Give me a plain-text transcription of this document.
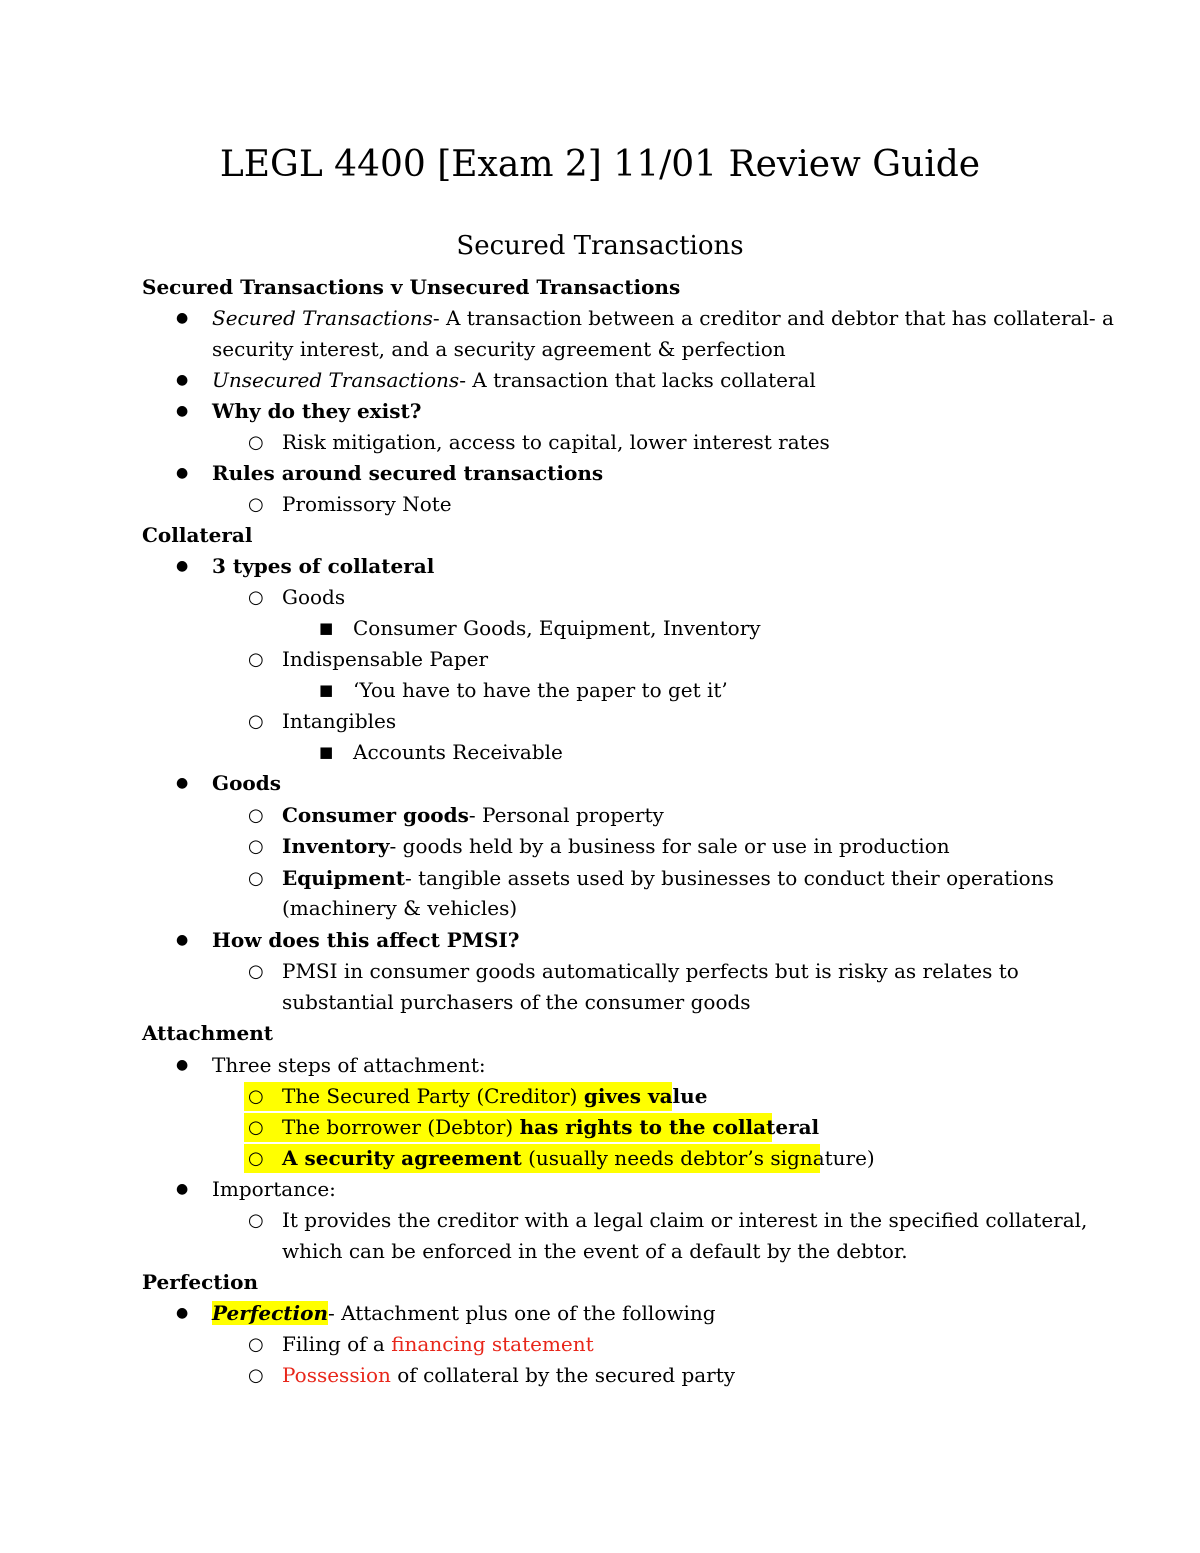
LEGL 4400 [Exam 2] 11/01 Review Guide
Secured Transactions
Secured Transactions v Unsecured Transactions
● Secured Transactions- A transaction between a creditor and debtor that has collateral- a
security interest, and a security agreement & perfection
● Unsecured Transactions- A transaction that lacks collateral
● Why do they exist?
○ Risk mitigation, access to capital, lower interest rates
● Rules around secured transactions
○ Promissory Note
Collateral
● 3 types of collateral
○ Goods
■ Consumer Goods, Equipment, Inventory
○ Indispensable Paper
■ ‘You have to have the paper to get it’
○ Intangibles
■ Accounts Receivable
● Goods
○ Consumer goods- Personal property
○ Inventory- goods held by a business for sale or use in production
○ Equipment- tangible assets used by businesses to conduct their operations
(machinery & vehicles)
● How does this affect PMSI?
○ PMSI in consumer goods automatically perfects but is risky as relates to
substantial purchasers of the consumer goods
Attachment
● Three steps of attachment:
○ The Secured Party (Creditor) gives value
○ The borrower (Debtor) has rights to the collateral
○ A security agreement (usually needs debtor’s signature)
● Importance:
○ It provides the creditor with a legal claim or interest in the specified collateral,
which can be enforced in the event of a default by the debtor.
Perfection
● Perfection- Attachment plus one of the following
○ Filing of a financing statement
○ Possession of collateral by the secured party
